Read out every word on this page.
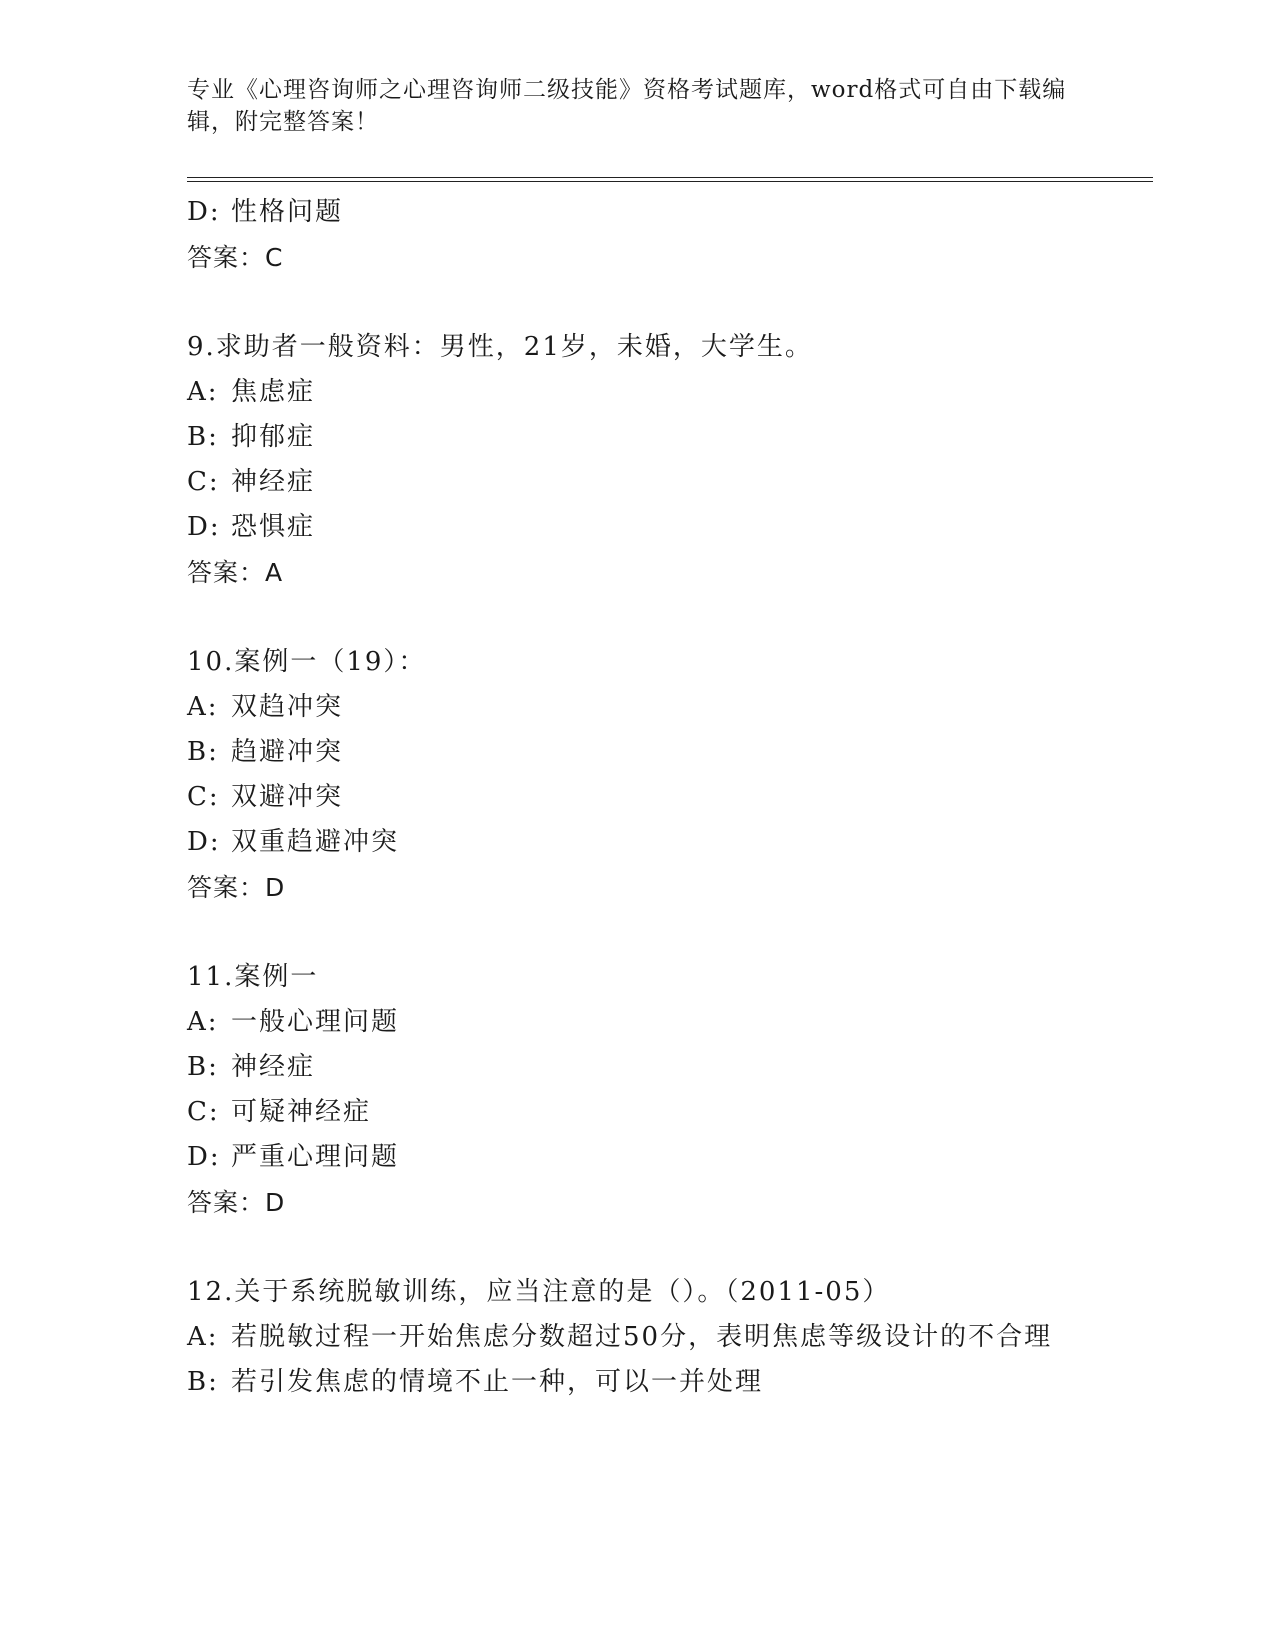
专业《心理咨询师之心理咨询师二级技能》资格考试题库，word格式可自由下载编辑，附完整答案！
D: 性格问题
答案：C
9.求助者一般资料：男性，21岁，未婚，大学生。
A: 焦虑症
B: 抑郁症
C: 神经症
D: 恐惧症
答案：A
10.案例一（19）：
A: 双趋冲突
B: 趋避冲突
C: 双避冲突
D: 双重趋避冲突
答案：D
11.案例一
A: 一般心理问题
B: 神经症
C: 可疑神经症
D: 严重心理问题
答案：D
12.关于系统脱敏训练，应当注意的是（）。（2011-05）
A: 若脱敏过程一开始焦虑分数超过50分，表明焦虑等级设计的不合理
B: 若引发焦虑的情境不止一种，可以一并处理
